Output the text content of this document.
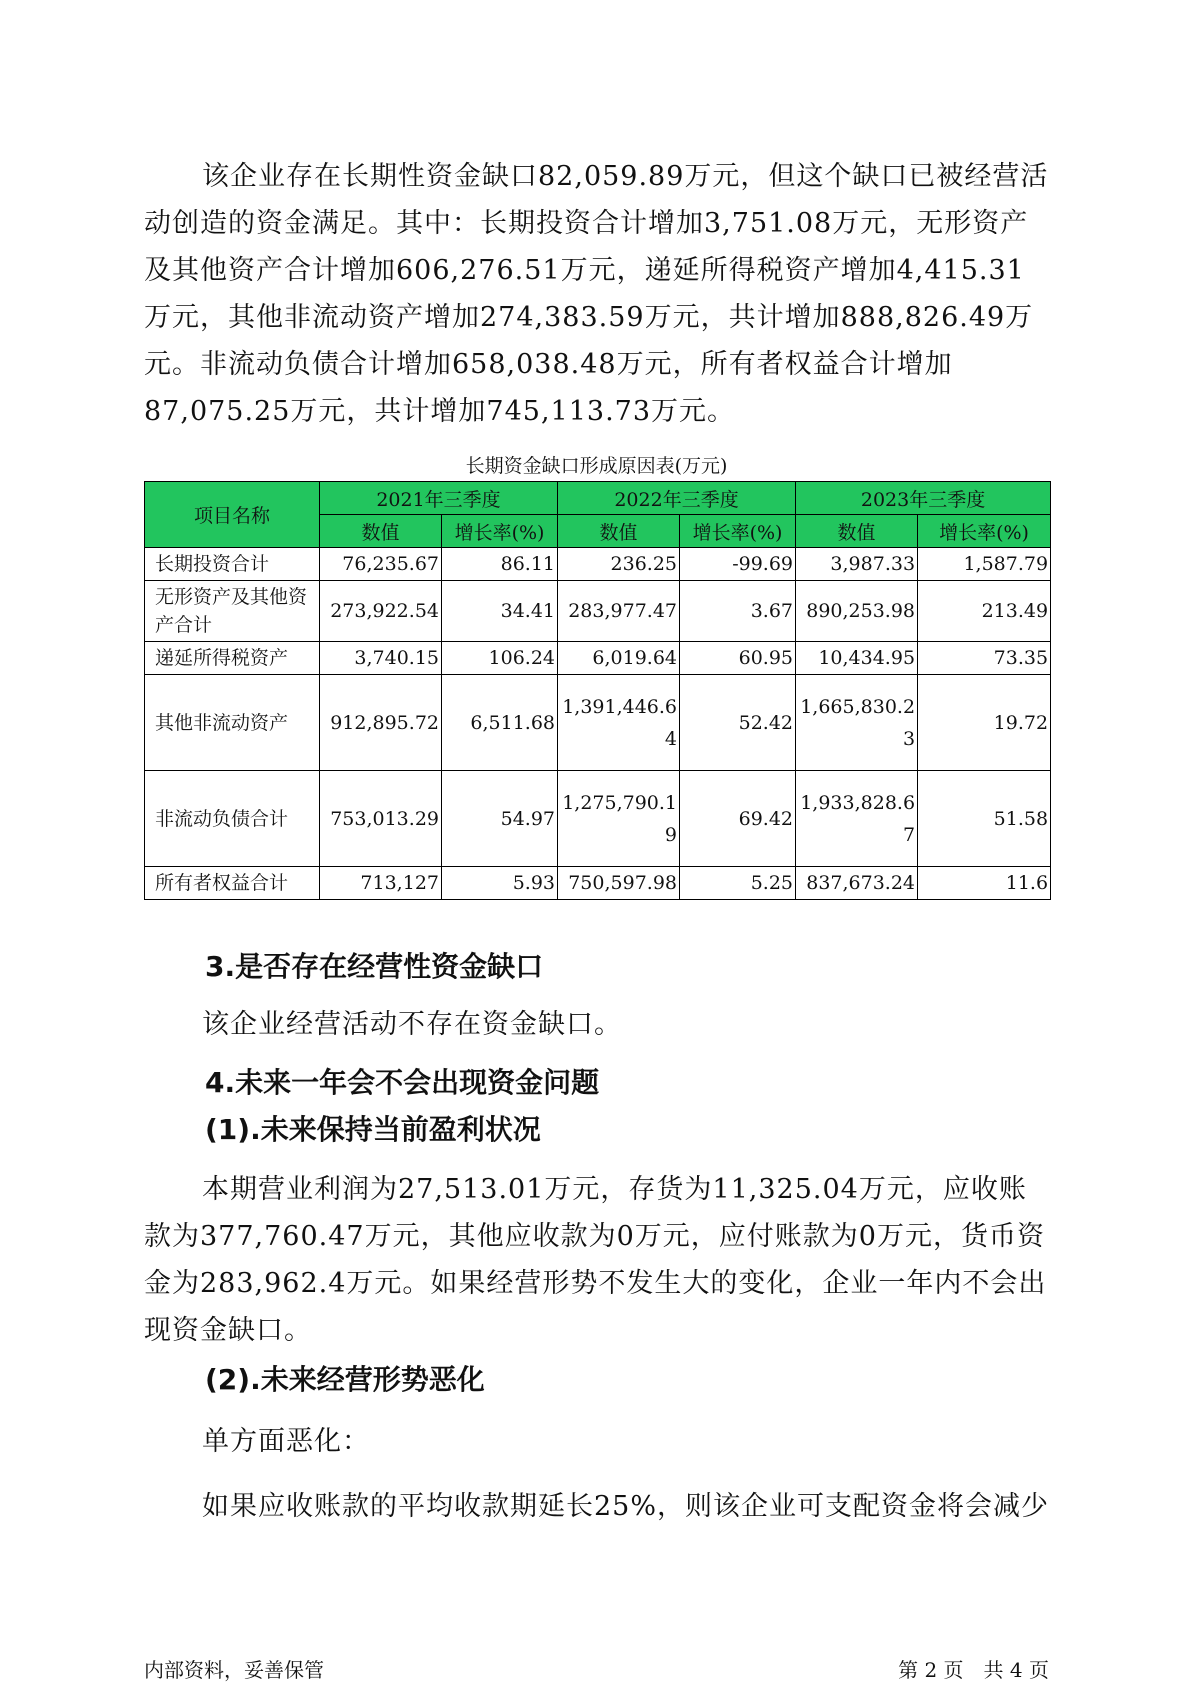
该企业存在长期性资金缺口82,059.89万元，但这个缺口已被经营活动创造的资金满足。其中：长期投资合计增加3,751.08万元，无形资产及其他资产合计增加606,276.51万元，递延所得税资产增加4,415.31万元，其他非流动资产增加274,383.59万元，共计增加888,826.49万元。非流动负债合计增加658,038.48万元，所有者权益合计增加87,075.25万元，共计增加745,113.73万元。

长期资金缺口形成原因表(万元)

项目名称	2021年三季度		2022年三季度		2023年三季度	
	数值	增长率(%)	数值	增长率(%)	数值	增长率(%)
长期投资合计	76,235.67	86.11	236.25	-99.69	3,987.33	1,587.79
无形资产及其他资产合计	273,922.54	34.41	283,977.47	3.67	890,253.98	213.49
递延所得税资产	3,740.15	106.24	6,019.64	60.95	10,434.95	73.35
其他非流动资产	912,895.72	6,511.68	1,391,446.64	52.42	1,665,830.23	19.72
非流动负债合计	753,013.29	54.97	1,275,790.19	69.42	1,933,828.67	51.58
所有者权益合计	713,127	5.93	750,597.98	5.25	837,673.24	11.6
3.是否存在经营性资金缺口

该企业经营活动不存在资金缺口。

4.未来一年会不会出现资金问题
(1).未来保持当前盈利状况

本期营业利润为27,513.01万元，存货为11,325.04万元，应收账款为377,760.47万元，其他应收款为0万元，应付账款为0万元，货币资金为283,962.4万元。如果经营形势不发生大的变化，企业一年内不会出现资金缺口。

(2).未来经营形势恶化

单方面恶化：

如果应收账款的平均收款期延长25%，则该企业可支配资金将会减少

内部资料，妥善保管	第 2 页　共 4 页
